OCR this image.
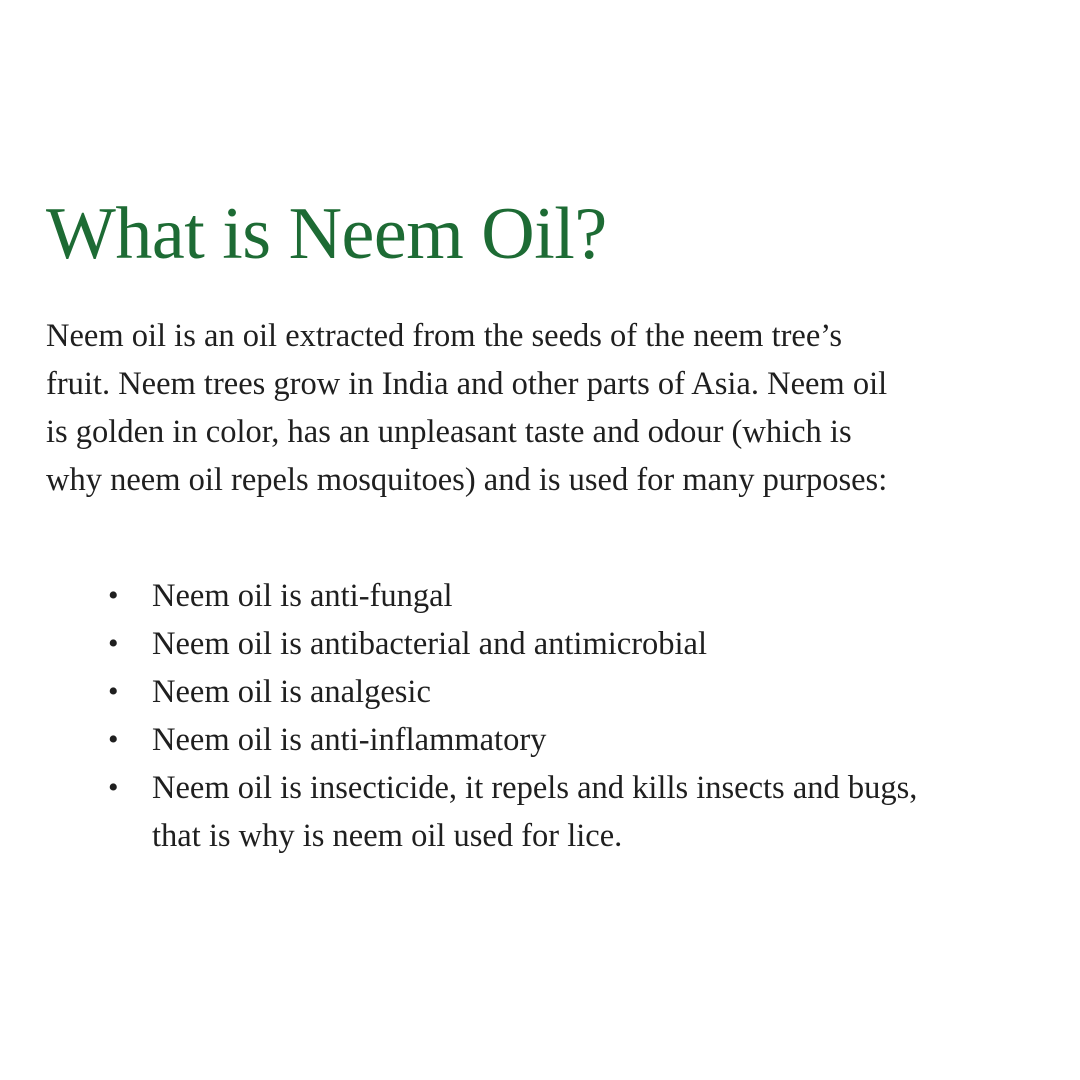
What is Neem Oil?

Neem oil is an oil extracted from the seeds of the neem tree’s
fruit. Neem trees grow in India and other parts of Asia. Neem oil
is golden in color, has an unpleasant taste and odour (which is
why neem oil repels mosquitoes) and is used for many purposes:

• Neem oil is anti-fungal
• Neem oil is antibacterial and antimicrobial
• Neem oil is analgesic
• Neem oil is anti-inflammatory
• Neem oil is insecticide, it repels and kills insects and bugs,
that is why is neem oil used for lice.
